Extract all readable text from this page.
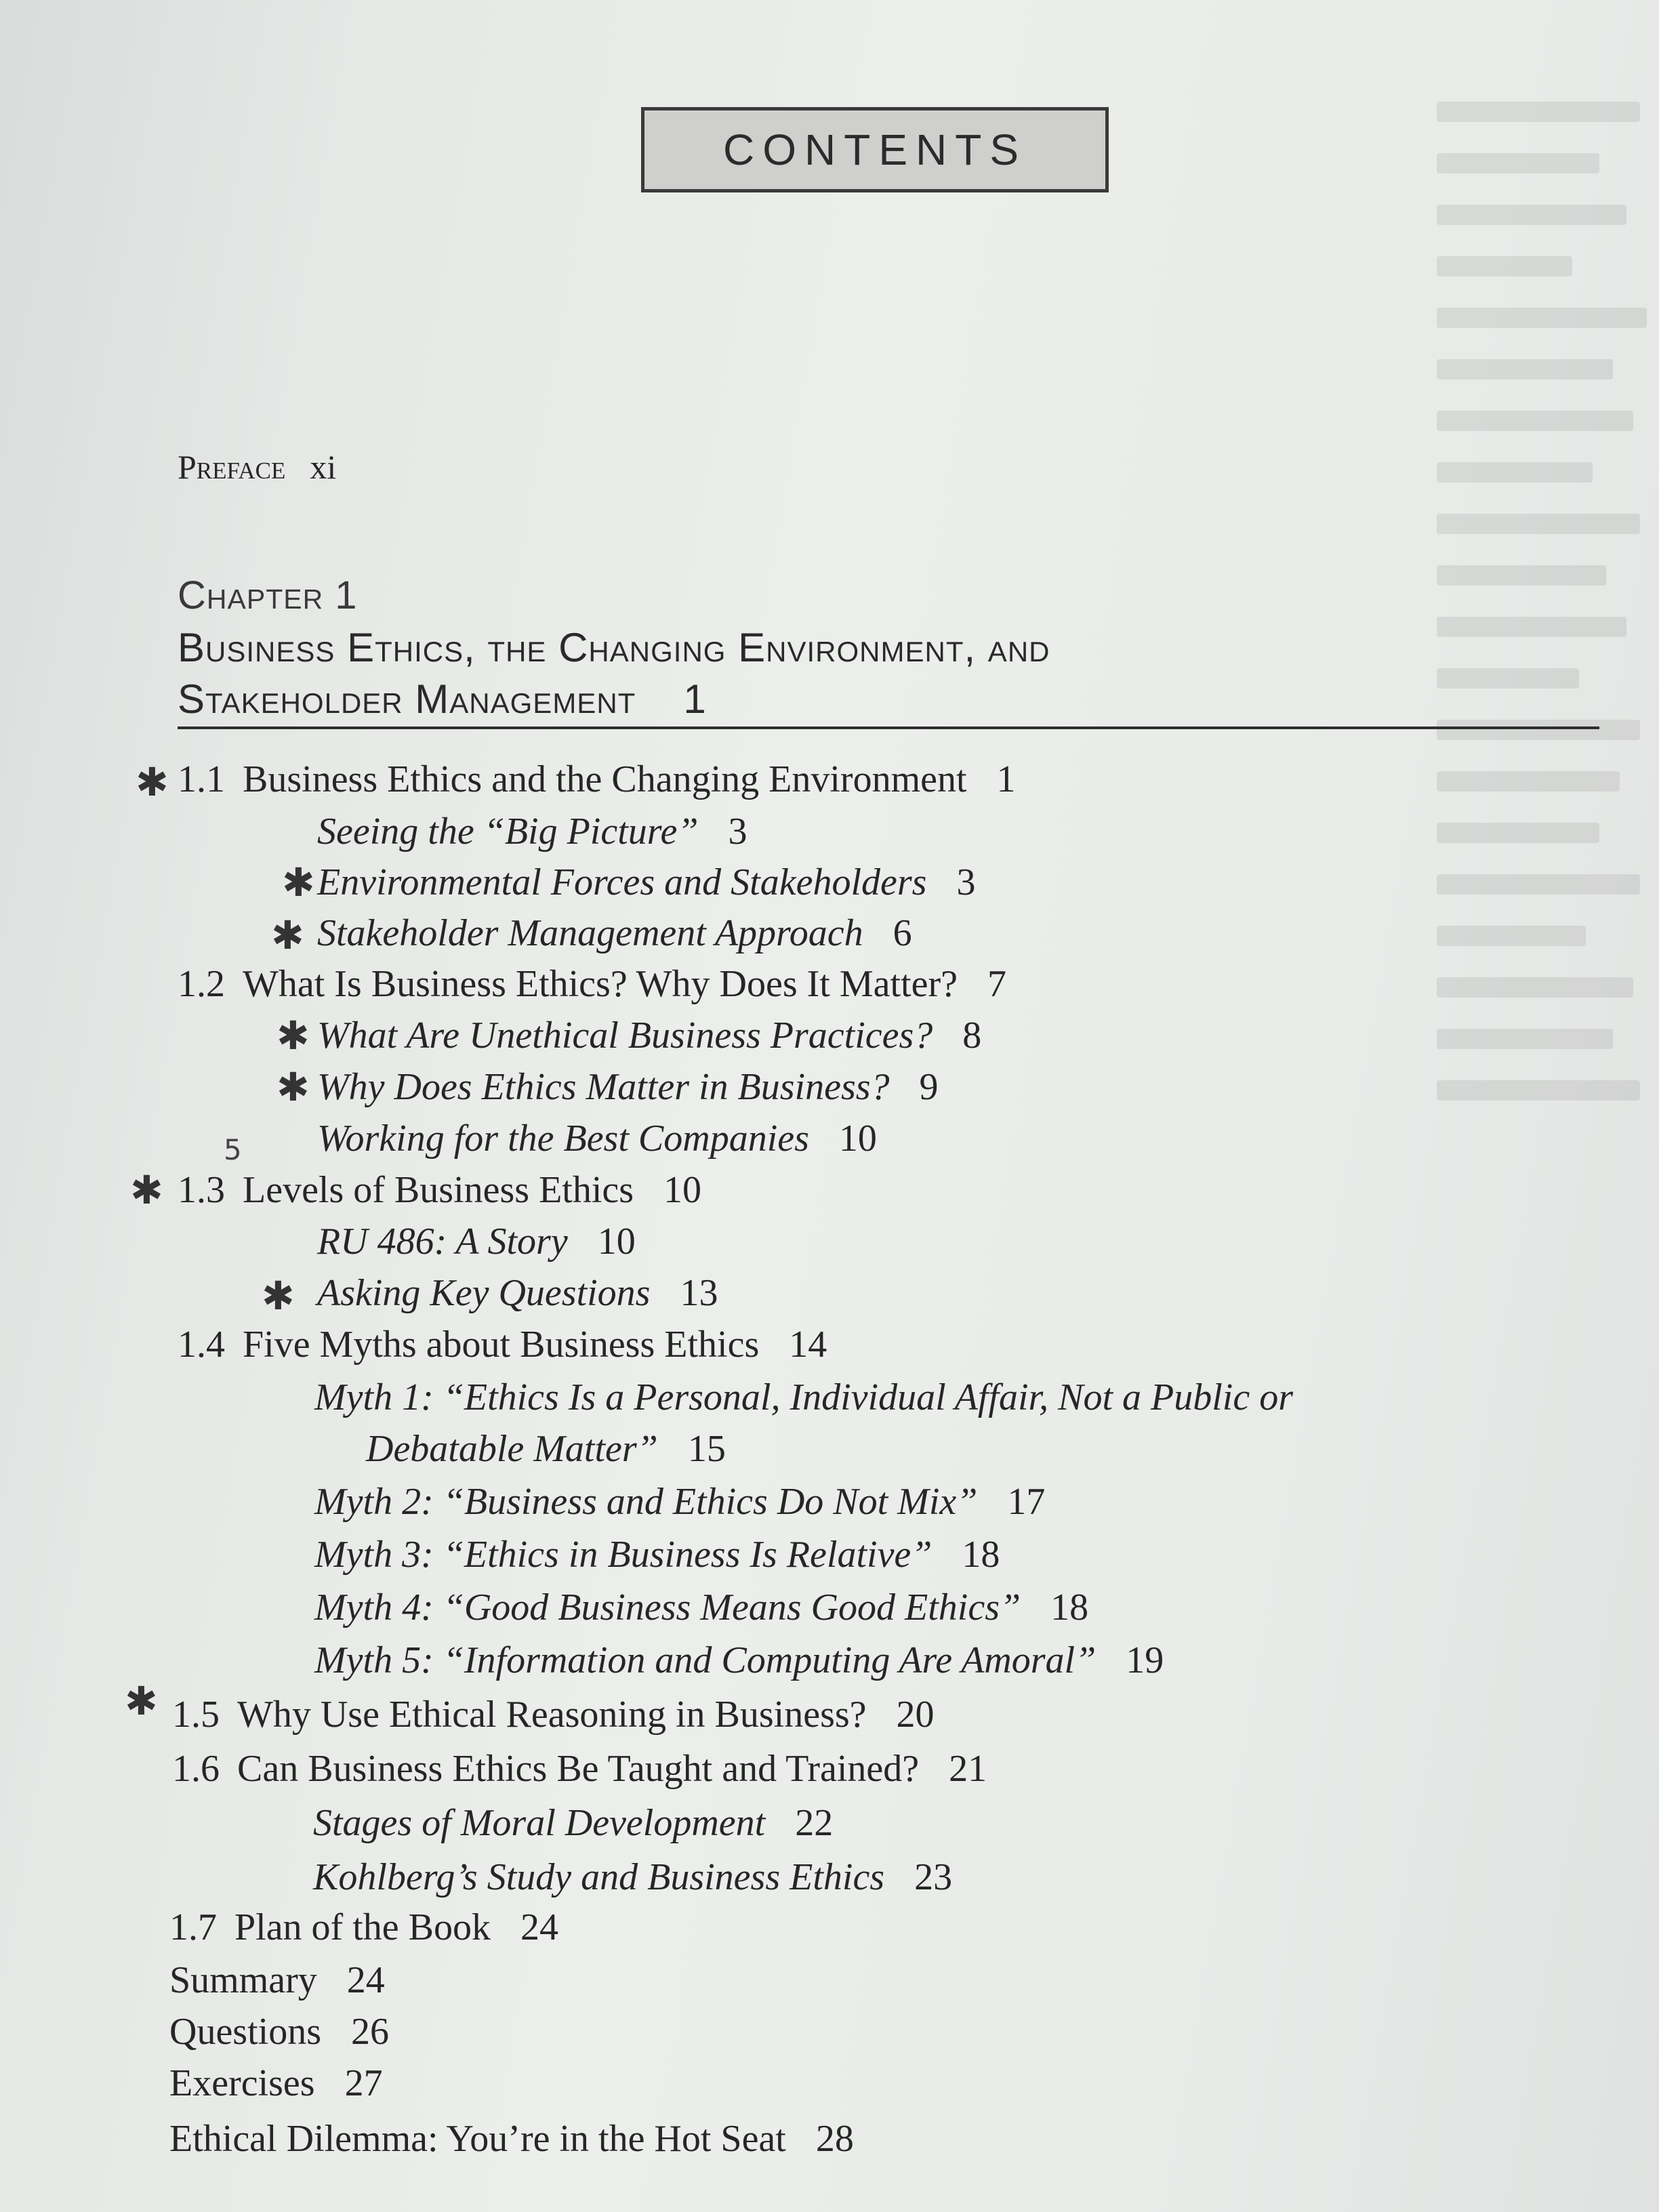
CONTENTS
Preface xi
Chapter 1
Business Ethics, the Changing Environment, and
Stakeholder Management 1
1.1 Business Ethics and the Changing Environment 1
Seeing the “Big Picture” 3
Environmental Forces and Stakeholders 3
Stakeholder Management Approach 6
1.2 What Is Business Ethics? Why Does It Matter? 7
What Are Unethical Business Practices? 8
Why Does Ethics Matter in Business? 9
Working for the Best Companies 10
1.3 Levels of Business Ethics 10
RU 486: A Story 10
Asking Key Questions 13
1.4 Five Myths about Business Ethics 14
Myth 1: “Ethics Is a Personal, Individual Affair, Not a Public or
Debatable Matter” 15
Myth 2: “Business and Ethics Do Not Mix” 17
Myth 3: “Ethics in Business Is Relative” 18
Myth 4: “Good Business Means Good Ethics” 18
Myth 5: “Information and Computing Are Amoral” 19
1.5 Why Use Ethical Reasoning in Business? 20
1.6 Can Business Ethics Be Taught and Trained? 21
Stages of Moral Development 22
Kohlberg’s Study and Business Ethics 23
1.7 Plan of the Book 24
Summary 24
Questions 26
Exercises 27
Ethical Dilemma: You’re in the Hot Seat 28
✱
✱
✱
✱
✱
5
✱
✱
✱
